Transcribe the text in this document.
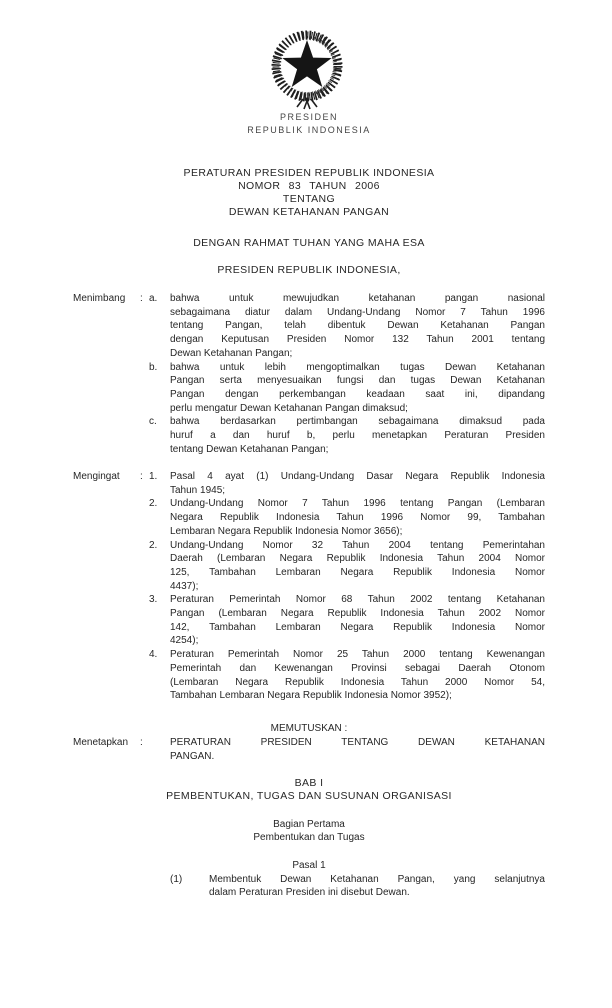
PRESIDEN
REPUBLIK INDONESIA
PERATURAN PRESIDEN REPUBLIK INDONESIA
NOMOR 83 TAHUN 2006
TENTANG
DEWAN KETAHANAN PANGAN
DENGAN RAHMAT TUHAN YANG MAHA ESA
PRESIDEN REPUBLIK INDONESIA,
Menimbang : a.	bahwa untuk mewujudkan ketahanan pangan nasional
sebagaimana diatur dalam Undang-Undang Nomor 7 Tahun 1996
tentang Pangan, telah dibentuk Dewan Ketahanan Pangan
dengan Keputusan Presiden Nomor 132 Tahun 2001 tentang
Dewan Ketahanan Pangan;
b.	bahwa untuk lebih mengoptimalkan tugas Dewan Ketahanan
Pangan serta menyesuaikan fungsi dan tugas Dewan Ketahanan
Pangan dengan perkembangan keadaan saat ini, dipandang
perlu mengatur Dewan Ketahanan Pangan dimaksud;
c.	bahwa berdasarkan pertimbangan sebagaimana dimaksud pada
huruf a dan huruf b, perlu menetapkan Peraturan Presiden
tentang Dewan Ketahanan Pangan;
Mengingat : 1.	Pasal 4 ayat (1) Undang-Undang Dasar Negara Republik Indonesia
Tahun 1945;
2.	Undang-Undang Nomor 7 Tahun 1996 tentang Pangan (Lembaran
Negara Republik Indonesia Tahun 1996 Nomor 99, Tambahan
Lembaran Negara Republik Indonesia Nomor 3656);
2.	Undang-Undang Nomor 32 Tahun 2004 tentang Pemerintahan
Daerah (Lembaran Negara Republik Indonesia Tahun 2004 Nomor
125, Tambahan Lembaran Negara Republik Indonesia Nomor
4437);
3.	Peraturan Pemerintah Nomor 68 Tahun 2002 tentang Ketahanan
Pangan (Lembaran Negara Republik Indonesia Tahun 2002 Nomor
142, Tambahan Lembaran Negara Republik Indonesia Nomor
4254);
4.	Peraturan Pemerintah Nomor 25 Tahun 2000 tentang Kewenangan
Pemerintah dan Kewenangan Provinsi sebagai Daerah Otonom
(Lembaran Negara Republik Indonesia Tahun 2000 Nomor 54,
Tambahan Lembaran Negara Republik Indonesia Nomor 3952);
MEMUTUSKAN :
Menetapkan :	PERATURAN PRESIDEN TENTANG DEWAN KETAHANAN
PANGAN.
BAB I
PEMBENTUKAN, TUGAS DAN SUSUNAN ORGANISASI
Bagian Pertama
Pembentukan dan Tugas
Pasal 1
(1)	Membentuk Dewan Ketahanan Pangan, yang selanjutnya
dalam Peraturan Presiden ini disebut Dewan.
